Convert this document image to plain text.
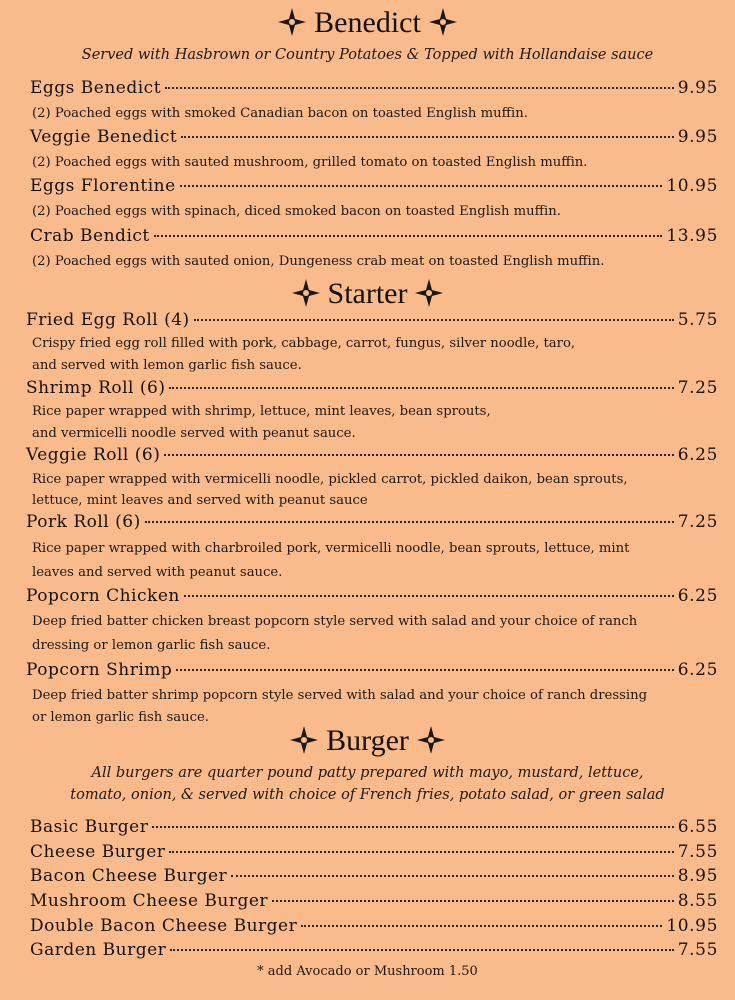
Benedict
Served with Hasbrown or Country Potatoes & Topped with Hollandaise sauce
Eggs Benedict	9.95
(2) Poached eggs with smoked Canadian bacon on toasted English muffin.
Veggie Benedict	9.95
(2) Poached eggs with sauted mushroom, grilled tomato on toasted English muffin.
Eggs Florentine	10.95
(2) Poached eggs with spinach, diced smoked bacon on toasted English muffin.
Crab Bendict	13.95
(2) Poached eggs with sauted onion, Dungeness crab meat on toasted English muffin.
Starter
Fried Egg Roll (4)	5.75
Crispy fried egg roll filled with pork, cabbage, carrot, fungus, silver noodle, taro,
and served with lemon garlic fish sauce.
Shrimp Roll (6)	7.25
Rice paper wrapped with shrimp, lettuce, mint leaves, bean sprouts,
and vermicelli noodle served with peanut sauce.
Veggie Roll (6)	6.25
Rice paper wrapped with vermicelli noodle, pickled carrot, pickled daikon, bean sprouts,
lettuce, mint leaves and served with peanut sauce
Pork Roll (6)	7.25
Rice paper wrapped with charbroiled pork, vermicelli noodle, bean sprouts, lettuce, mint
leaves and served with peanut sauce.
Popcorn Chicken	6.25
Deep fried batter chicken breast popcorn style served with salad and your choice of ranch
dressing or lemon garlic fish sauce.
Popcorn Shrimp	6.25
Deep fried batter shrimp popcorn style served with salad and your choice of ranch dressing
or lemon garlic fish sauce.
Burger
All burgers are quarter pound patty prepared with mayo, mustard, lettuce,
tomato, onion, & served with choice of French fries, potato salad, or green salad
Basic Burger	6.55
Cheese Burger	7.55
Bacon Cheese Burger	8.95
Mushroom Cheese Burger	8.55
Double Bacon Cheese Burger	10.95
Garden Burger	7.55
* add Avocado or Mushroom 1.50
